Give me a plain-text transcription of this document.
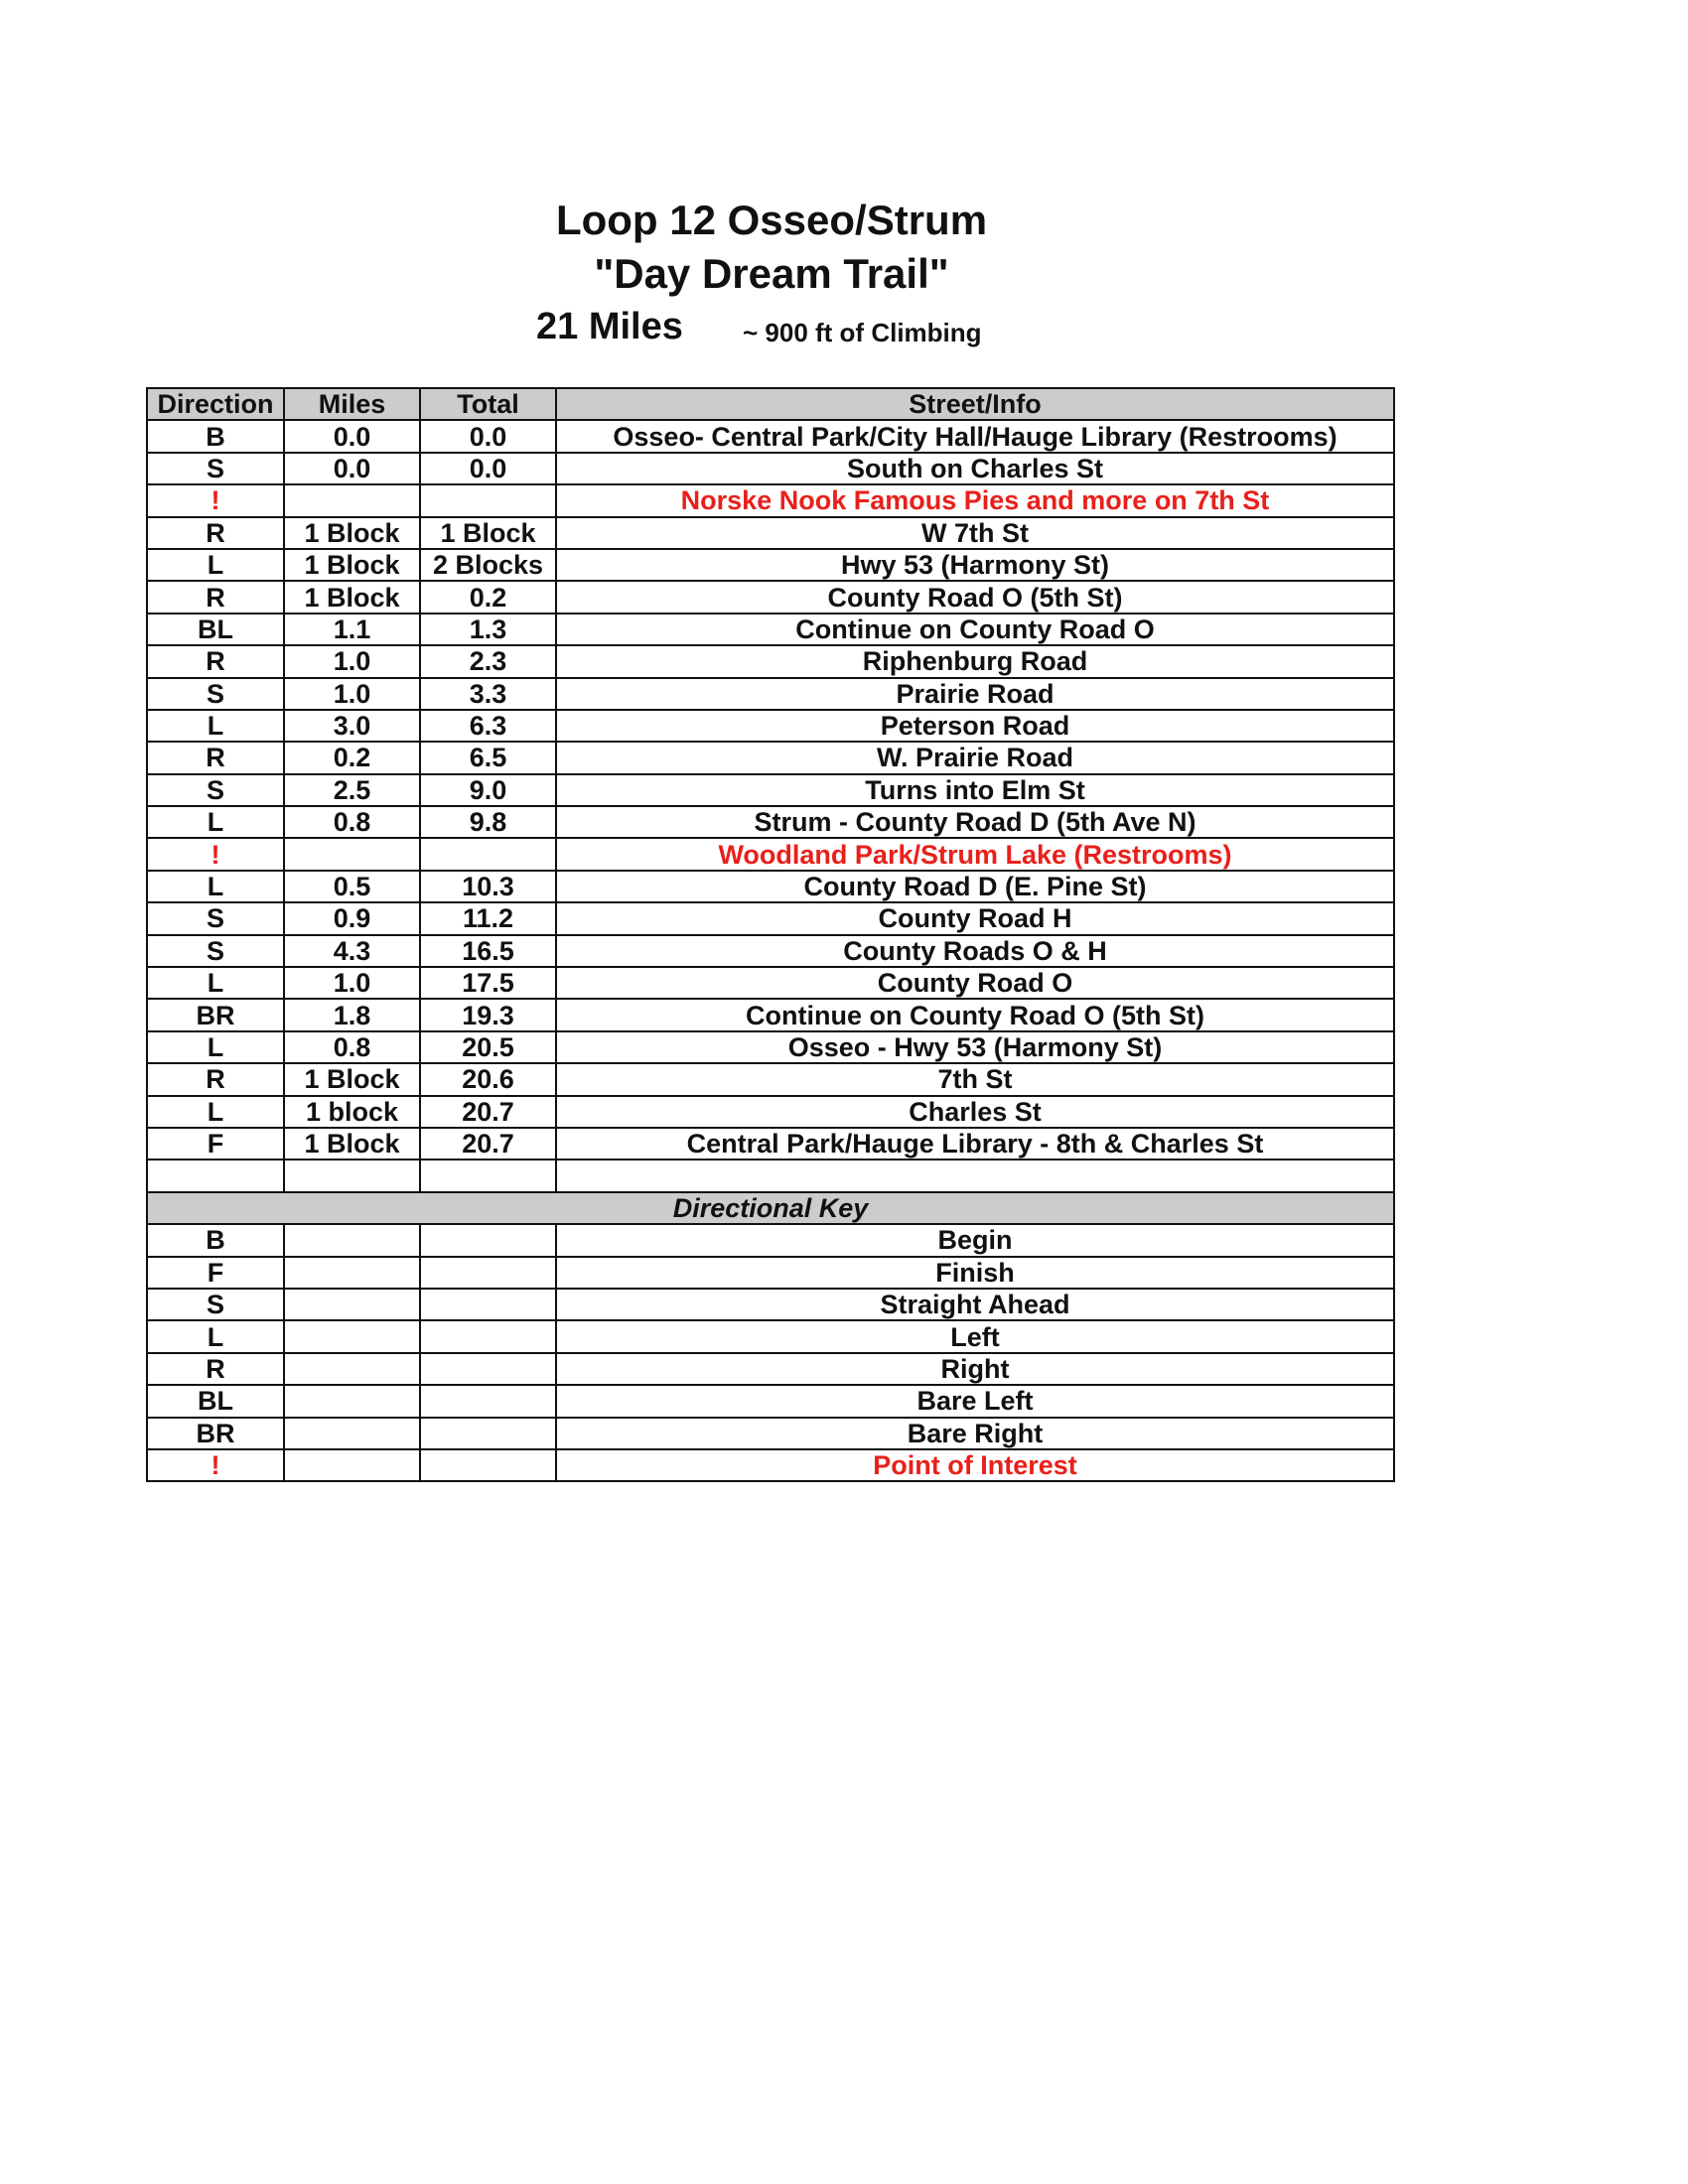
Loop 12 Osseo/Strum
"Day Dream Trail"
21 Miles ~ 900 ft of Climbing
Direction	Miles	Total	Street/Info
B	0.0	0.0	Osseo- Central Park/City Hall/Hauge Library (Restrooms)
S	0.0	0.0	South on Charles St
!			Norske Nook Famous Pies and more on 7th St
R	1 Block	1 Block	W 7th St
L	1 Block	2 Blocks	Hwy 53 (Harmony St)
R	1 Block	0.2	County Road O (5th St)
BL	1.1	1.3	Continue on County Road O
R	1.0	2.3	Riphenburg Road
S	1.0	3.3	Prairie Road
L	3.0	6.3	Peterson Road
R	0.2	6.5	W. Prairie Road
S	2.5	9.0	Turns into Elm St
L	0.8	9.8	Strum - County Road D (5th Ave N)
!			Woodland Park/Strum Lake (Restrooms)
L	0.5	10.3	County Road D (E. Pine St)
S	0.9	11.2	County Road H
S	4.3	16.5	County Roads O & H
L	1.0	17.5	County Road O
BR	1.8	19.3	Continue on County Road O (5th St)
L	0.8	20.5	Osseo - Hwy 53 (Harmony St)
R	1 Block	20.6	7th St
L	1 block	20.7	Charles St
F	1 Block	20.7	Central Park/Hauge Library - 8th & Charles St

Directional Key			
B			Begin
F			Finish
S			Straight Ahead
L			Left
R			Right
BL			Bare Left
BR			Bare Right
!			Point of Interest
